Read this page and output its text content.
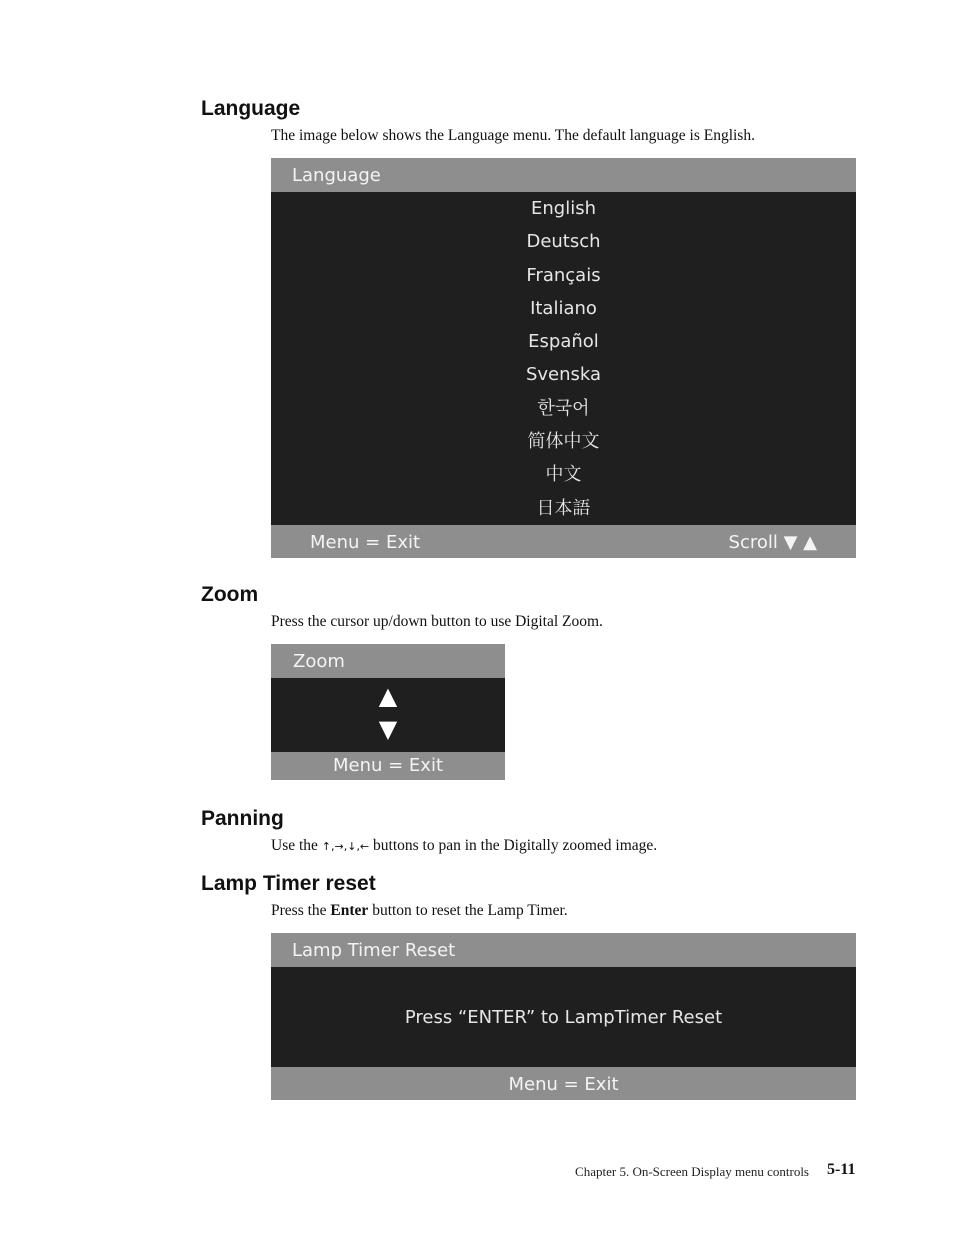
Language

The image below shows the Language menu. The default language is English.

Language
English
Deutsch
Français
Italiano
Español
Svenska
한국어
简体中文
中文
日本語
Menu = Exit	Scroll ▼ ▲
Zoom

Press the cursor up/down button to use Digital Zoom.

Zoom
▲
▼
Menu = Exit
Panning

Use the ↑,→,↓,← buttons to pan in the Digitally zoomed image.

Lamp Timer reset

Press the Enter button to reset the Lamp Timer.

Lamp Timer Reset
Press “ENTER” to LampTimer Reset
Menu = Exit
Chapter 5. On-Screen Display menu controls 5-11
